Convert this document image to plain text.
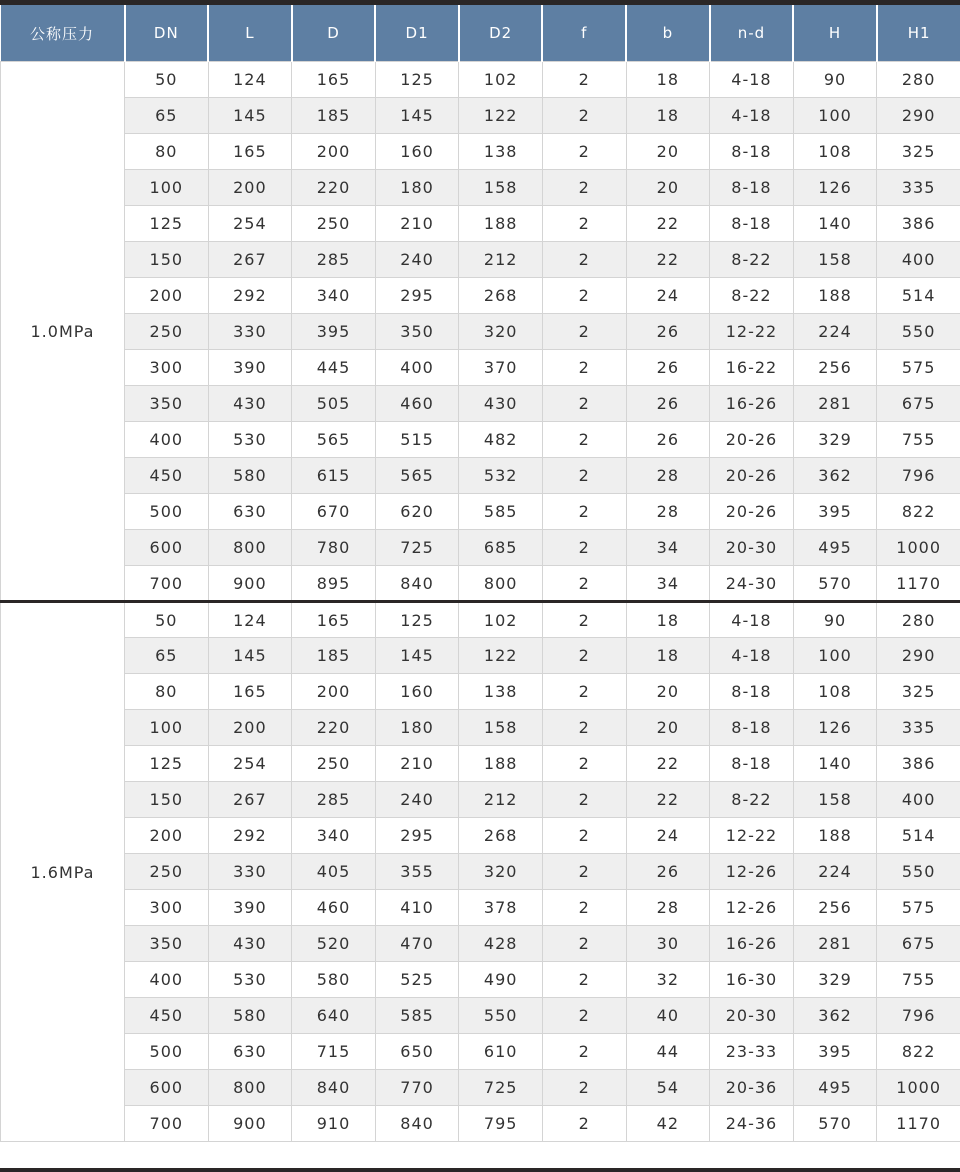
公称压力	DN	L	D	D1	D2	f	b	n-d	H	H1
1.0MPa	50	124	165	125	102	2	18	4-18	90	280
	65	145	185	145	122	2	18	4-18	100	290
	80	165	200	160	138	2	20	8-18	108	325
	100	200	220	180	158	2	20	8-18	126	335
	125	254	250	210	188	2	22	8-18	140	386
	150	267	285	240	212	2	22	8-22	158	400
	200	292	340	295	268	2	24	8-22	188	514
	250	330	395	350	320	2	26	12-22	224	550
	300	390	445	400	370	2	26	16-22	256	575
	350	430	505	460	430	2	26	16-26	281	675
	400	530	565	515	482	2	26	20-26	329	755
	450	580	615	565	532	2	28	20-26	362	796
	500	630	670	620	585	2	28	20-26	395	822
	600	800	780	725	685	2	34	20-30	495	1000
	700	900	895	840	800	2	34	24-30	570	1170
1.6MPa	50	124	165	125	102	2	18	4-18	90	280
	65	145	185	145	122	2	18	4-18	100	290
	80	165	200	160	138	2	20	8-18	108	325
	100	200	220	180	158	2	20	8-18	126	335
	125	254	250	210	188	2	22	8-18	140	386
	150	267	285	240	212	2	22	8-22	158	400
	200	292	340	295	268	2	24	12-22	188	514
	250	330	405	355	320	2	26	12-26	224	550
	300	390	460	410	378	2	28	12-26	256	575
	350	430	520	470	428	2	30	16-26	281	675
	400	530	580	525	490	2	32	16-30	329	755
	450	580	640	585	550	2	40	20-30	362	796
	500	630	715	650	610	2	44	23-33	395	822
	600	800	840	770	725	2	54	20-36	495	1000
	700	900	910	840	795	2	42	24-36	570	1170
